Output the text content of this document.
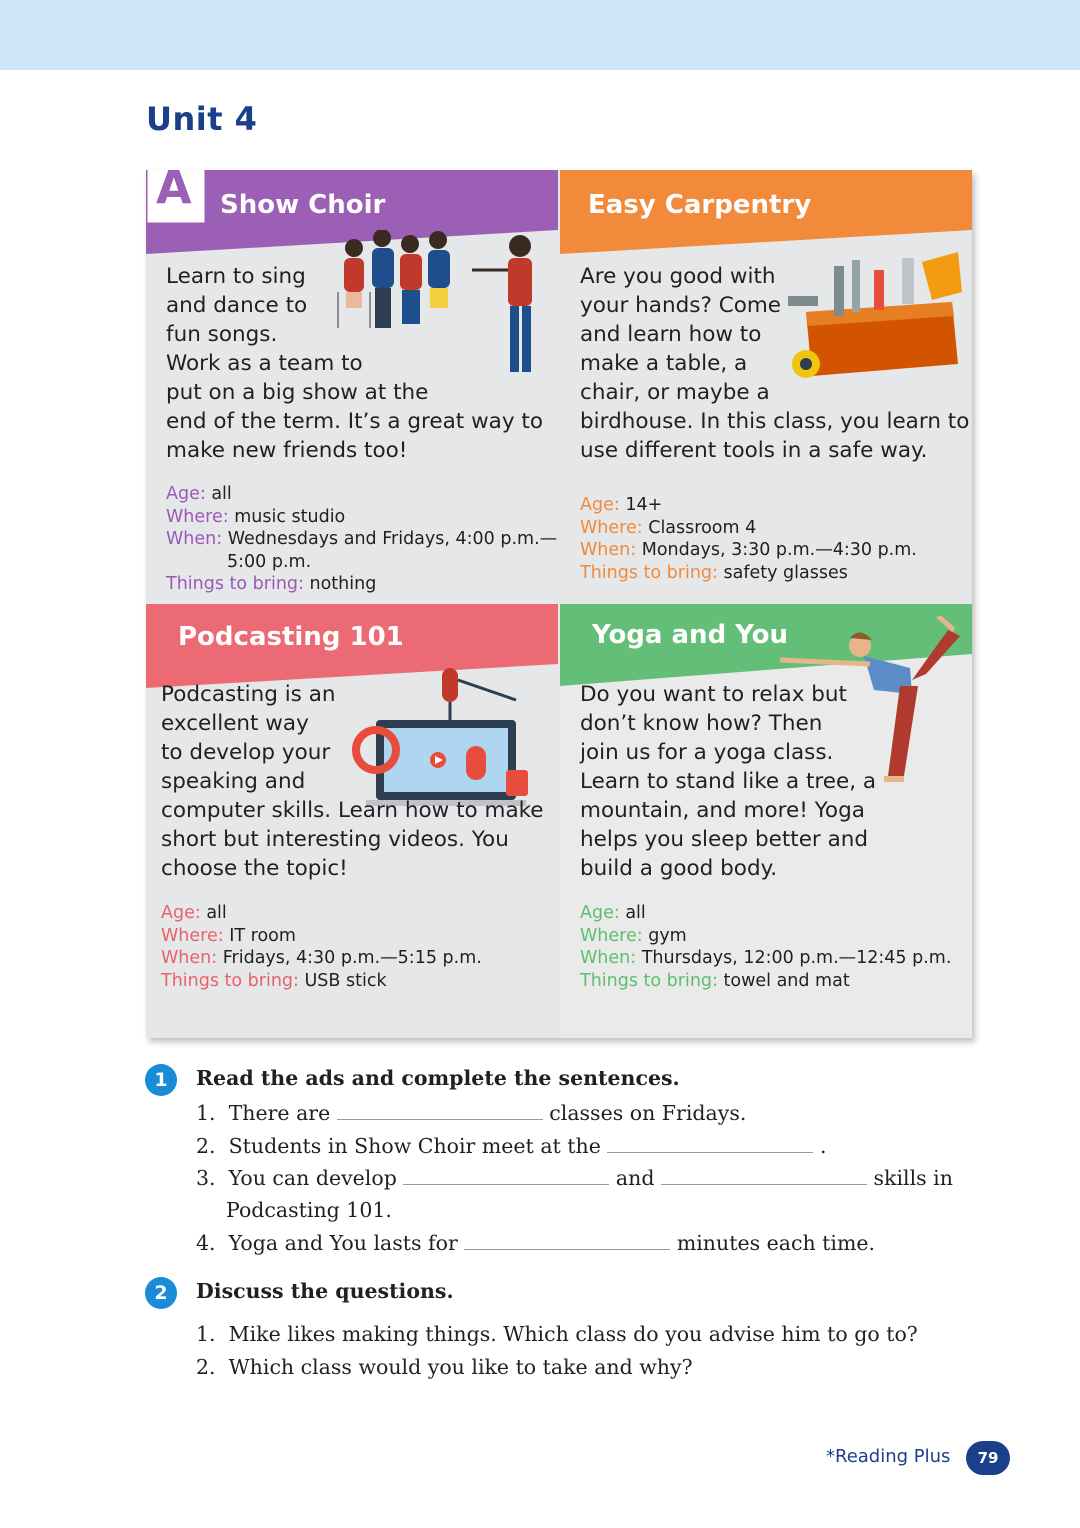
Unit 4
A Show Choir
Learn to sing
and dance to
fun songs.
Work as a team to
put on a big show at the
end of the term. It’s a great way to
make new friends too!
Age: all
Where: music studio
When: Wednesdays and Fridays, 4:00 p.m.—
5:00 p.m.
Things to bring: nothing
Easy Carpentry
Are you good with
your hands? Come
and learn how to
make a table, a
chair, or maybe a
birdhouse. In this class, you learn to
use different tools in a safe way.
Age: 14+
Where: Classroom 4
When: Mondays, 3:30 p.m.—4:30 p.m.
Things to bring: safety glasses
Podcasting 101
Podcasting is an
excellent way
to develop your
speaking and
computer skills. Learn how to make
short but interesting videos. You
choose the topic!
Age: all
Where: IT room
When: Fridays, 4:30 p.m.—5:15 p.m.
Things to bring: USB stick
Yoga and You
Do you want to relax but
don’t know how? Then
join us for a yoga class.
Learn to stand like a tree, a
mountain, and more! Yoga
helps you sleep better and
build a good body.
Age: all
Where: gym
When: Thursdays, 12:00 p.m.—12:45 p.m.
Things to bring: towel and mat
1	Read the ads and complete the sentences.
1. There are	classes on Fridays.
2. Students in Show Choir meet at the	.
3. You can develop	and	skills in
Podcasting 101.
4. Yoga and You lasts for	minutes each time.
2	Discuss the questions.
1. Mike likes making things. Which class do you advise him to go to?
2. Which class would you like to take and why?
*Reading Plus	79
